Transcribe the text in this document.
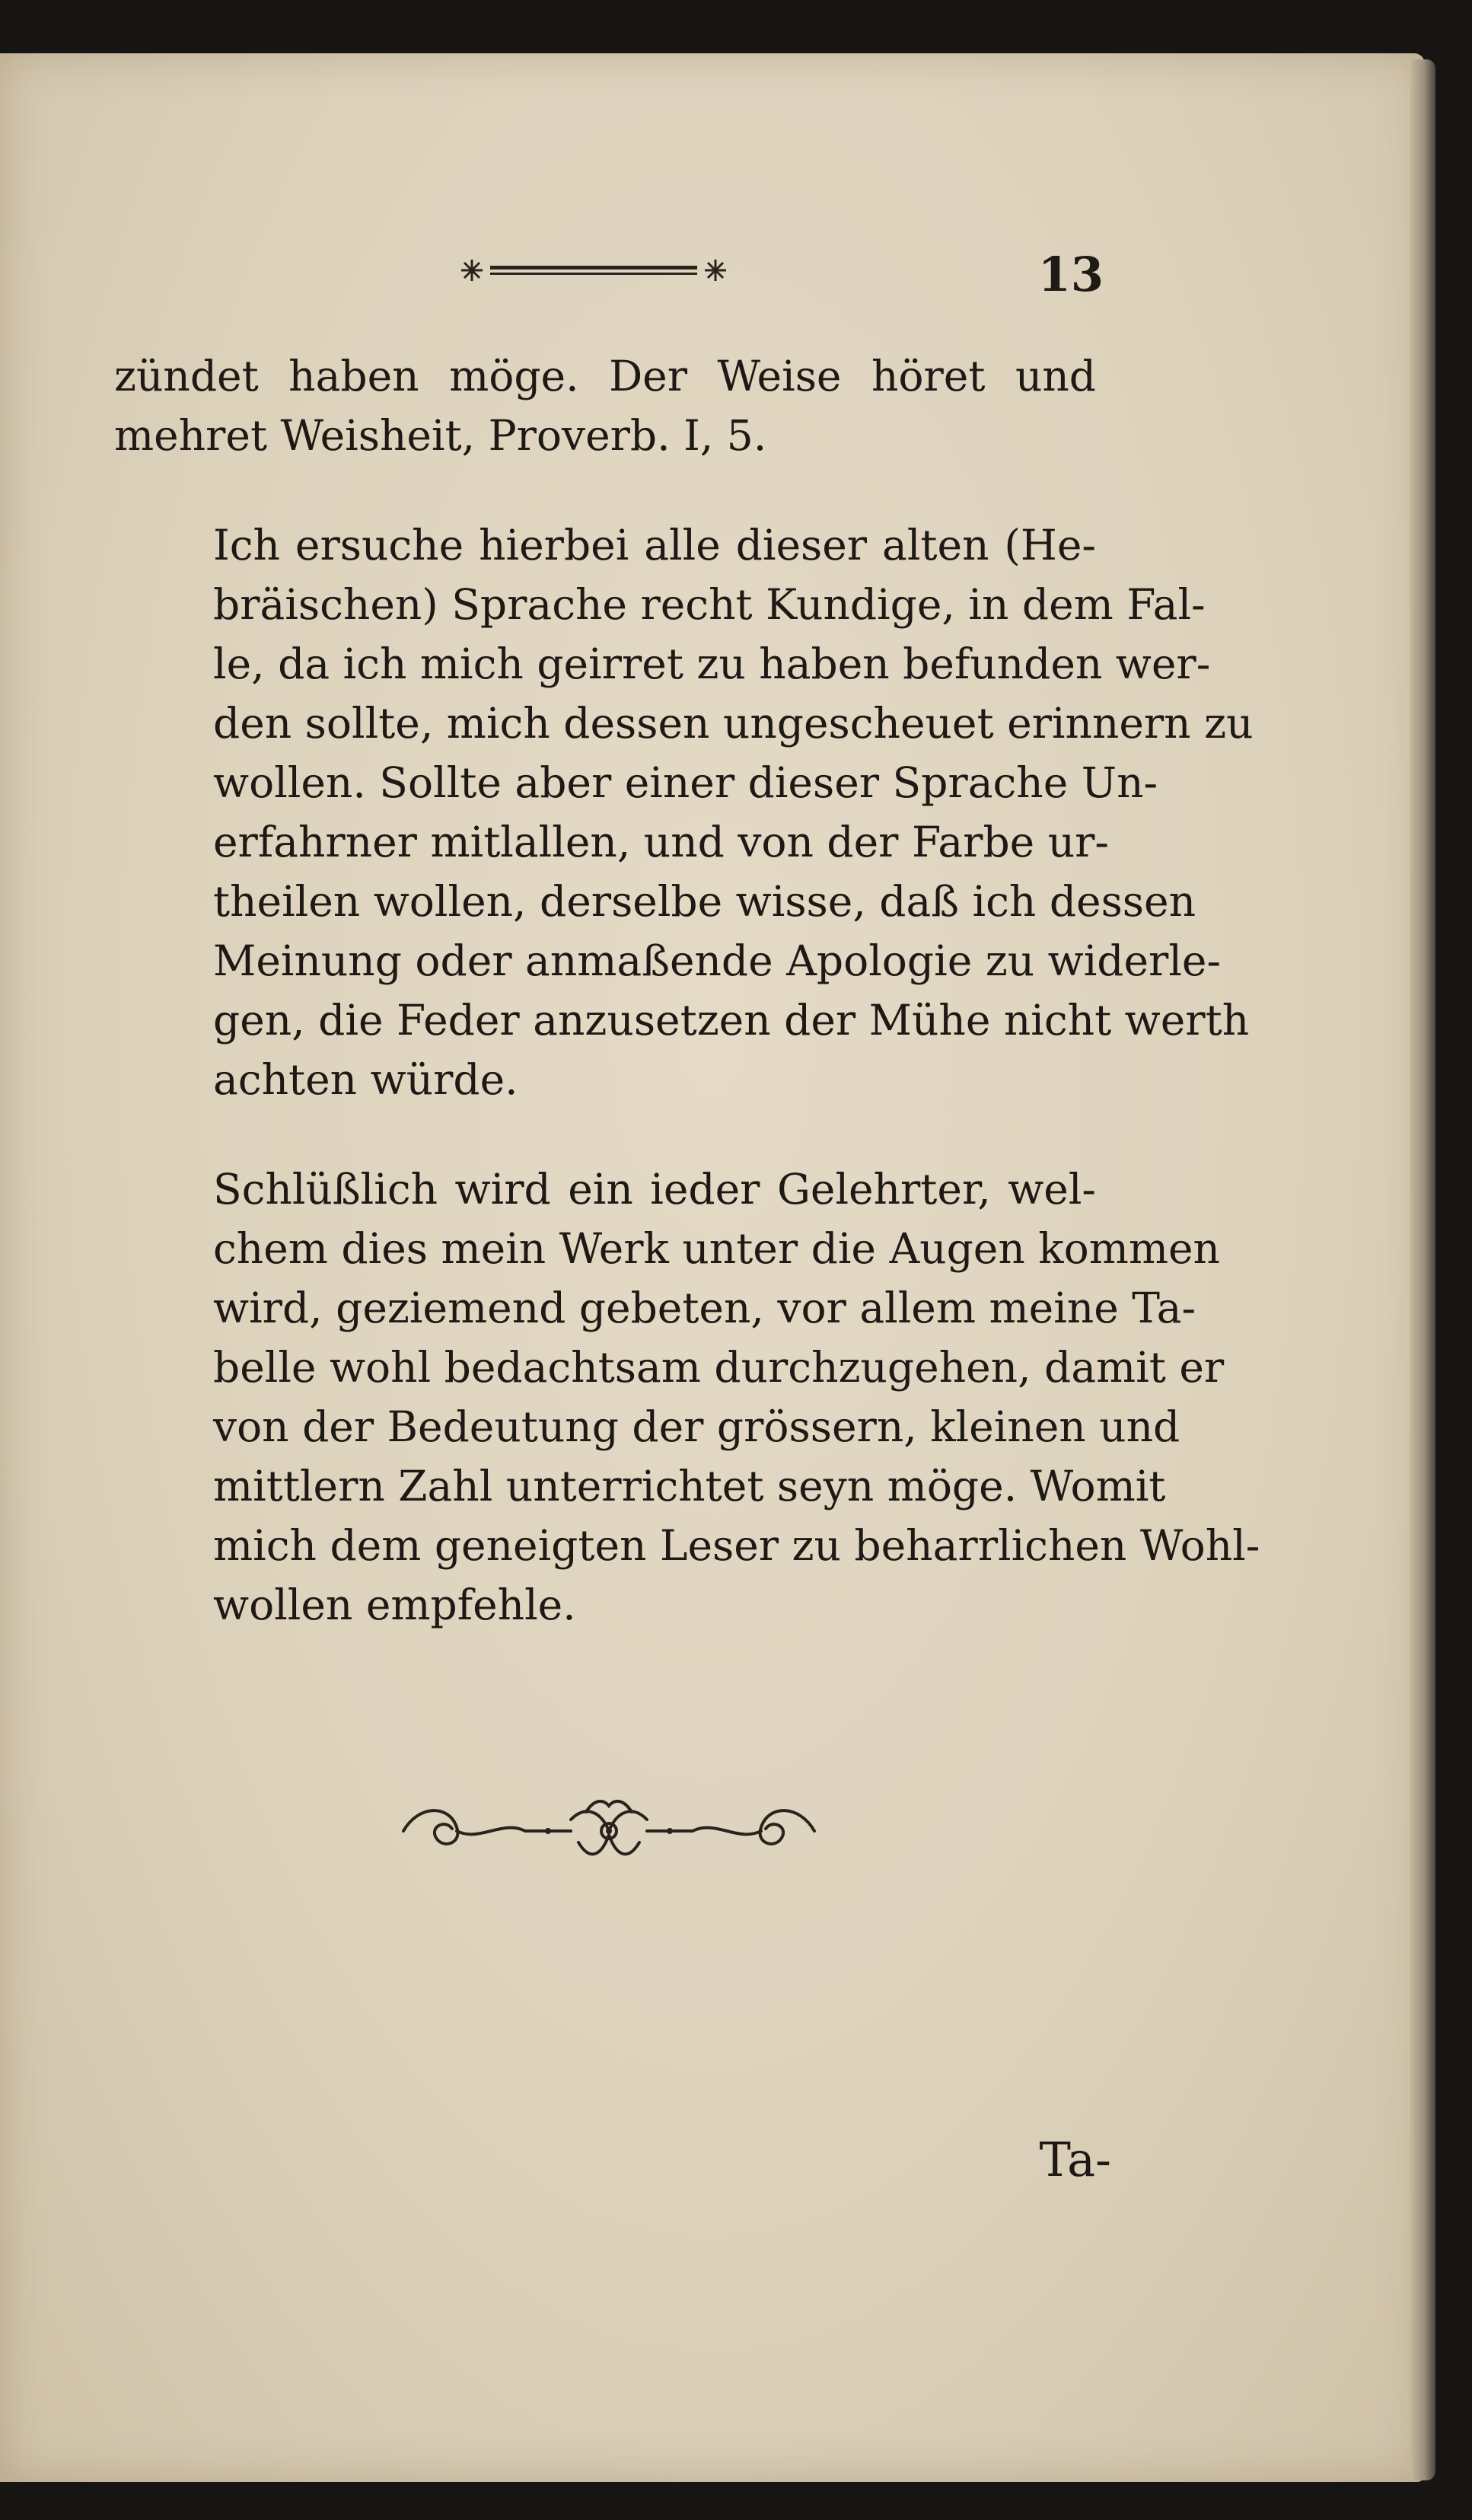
13

zündet haben möge. Der Weise höret und
mehret Weisheit, Proverb. I, 5.

Ich ersuche hierbei alle dieser alten (He-
bräischen) Sprache recht Kundige, in dem Fal-
le, da ich mich geirret zu haben befunden wer-
den sollte, mich dessen ungescheuet erinnern zu
wollen. Sollte aber einer dieser Sprache Un-
erfahrner mitlallen, und von der Farbe ur-
theilen wollen, derselbe wisse, daß ich dessen
Meinung oder anmaßende Apologie zu widerle-
gen, die Feder anzusetzen der Mühe nicht werth
achten würde.

Schlüßlich wird ein ieder Gelehrter, wel-
chem dies mein Werk unter die Augen kommen
wird, geziemend gebeten, vor allem meine Ta-
belle wohl bedachtsam durchzugehen, damit er
von der Bedeutung der grössern, kleinen und
mittlern Zahl unterrichtet seyn möge. Womit
mich dem geneigten Leser zu beharrlichen Wohl-
wollen empfehle.

Ta-
